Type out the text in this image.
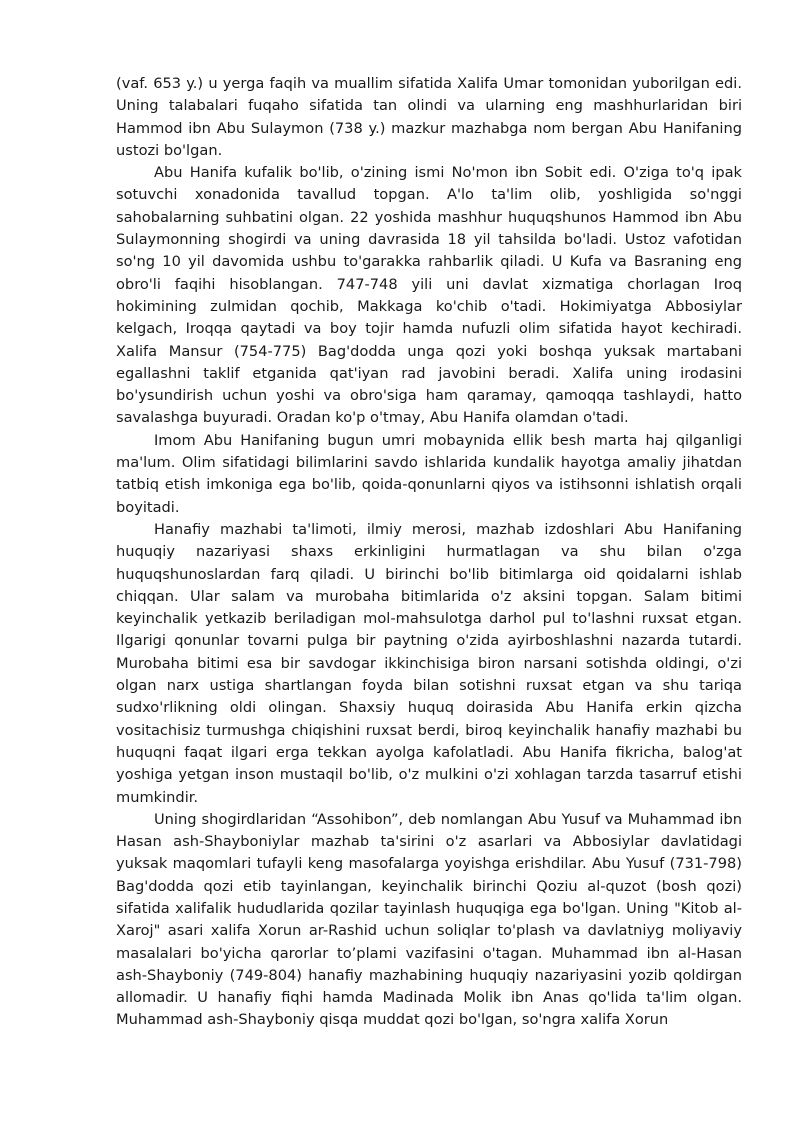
(vaf. 653 y.) u yerga faqih va muallim sifatida Xalifa Umar tomonidan yuborilgan edi. Uning talabalari fuqaho sifatida tan olindi va ularning eng mashhurlaridan biri Hammod ibn Abu Sulaymon (738 y.) mazkur mazhabga nom bergan Abu Hanifaning ustozi bo'lgan.

Abu Hanifa kufalik bo'lib, o'zining ismi No'mon ibn Sobit edi. O'ziga to'q ipak sotuvchi xonadonida tavallud topgan. A'lo ta'lim olib, yoshligida so'nggi sahobalarning suhbatini olgan. 22 yoshida mashhur huquqshunos Hammod ibn Abu Sulaymonning shogirdi va uning davrasida 18 yil tahsilda bo'ladi. Ustoz vafotidan so'ng 10 yil davomida ushbu to'garakka rahbarlik qiladi. U Kufa va Basraning eng obro'li faqihi hisoblangan. 747-748 yili uni davlat xizmatiga chorlagan Iroq hokimining zulmidan qochib, Makkaga ko'chib o'tadi. Hokimiyatga Abbosiylar kelgach, Iroqqa qaytadi va boy tojir hamda nufuzli olim sifatida hayot kechiradi. Xalifa Mansur (754-775) Bag'dodda unga qozi yoki boshqa yuksak martabani egallashni taklif etganida qat'iyan rad javobini beradi. Xalifa uning irodasini bo'ysundirish uchun yoshi va obro'siga ham qaramay, qamoqqa tashlaydi, hatto savalashga buyuradi. Oradan ko'p o'tmay, Abu Hanifa olamdan o'tadi.

Imom Abu Hanifaning bugun umri mobaynida ellik besh marta haj qilganligi ma'lum. Olim sifatidagi bilimlarini savdo ishlarida kundalik hayotga amaliy jihatdan tatbiq etish imkoniga ega bo'lib, qoida-qonunlarni qiyos va istihsonni ishlatish orqali boyitadi.

Hanafiy mazhabi ta'limoti, ilmiy merosi, mazhab izdoshlari Abu Hanifaning huquqiy nazariyasi shaxs erkinligini hurmatlagan va shu bilan o'zga huquqshunoslardan farq qiladi. U birinchi bo'lib bitimlarga oid qoidalarni ishlab chiqqan. Ular salam va murobaha bitimlarida o'z aksini topgan. Salam bitimi keyinchalik yetkazib beriladigan mol-mahsulotga darhol pul to'lashni ruxsat etgan. Ilgarigi qonunlar tovarni pulga bir paytning o'zida ayirboshlashni nazarda tutardi. Murobaha bitimi esa bir savdogar ikkinchisiga biron narsani sotishda oldingi, o'zi olgan narx ustiga shartlangan foyda bilan sotishni ruxsat etgan va shu tariqa sudxo'rlikning oldi olingan. Shaxsiy huquq doirasida Abu Hanifa erkin qizcha vositachisiz turmushga chiqishini ruxsat berdi, biroq keyinchalik hanafiy mazhabi bu huquqni faqat ilgari erga tekkan ayolga kafolatladi. Abu Hanifa fikricha, balog'at yoshiga yetgan inson mustaqil bo'lib, o'z mulkini o'zi xohlagan tarzda tasarruf etishi mumkindir.

Uning shogirdlaridan “Assohibon”, deb nomlangan Abu Yusuf va Muhammad ibn Hasan ash-Shayboniylar mazhab ta'sirini o'z asarlari va Abbosiylar davlatidagi yuksak maqomlari tufayli keng masofalarga yoyishga erishdilar. Abu Yusuf (731-798) Bag'dodda qozi etib tayinlangan, keyinchalik birinchi Qoziu al-quzot (bosh qozi) sifatida xalifalik hududlarida qozilar tayinlash huquqiga ega bo'lgan. Uning "Kitob al-Xaroj" asari xalifa Xorun ar-Rashid uchun soliqlar to'plash va davlatniyg moliyaviy masalalari bo'yicha qarorlar to’plami vazifasini o'tagan. Muhammad ibn al-Hasan ash-Shayboniy (749-804) hanafiy mazhabining huquqiy nazariyasini yozib qoldirgan allomadir. U hanafiy fiqhi hamda Madinada Molik ibn Anas qo'lida ta'lim olgan. Muhammad ash-Shayboniy qisqa muddat qozi bo'lgan, so'ngra xalifa Xorun
